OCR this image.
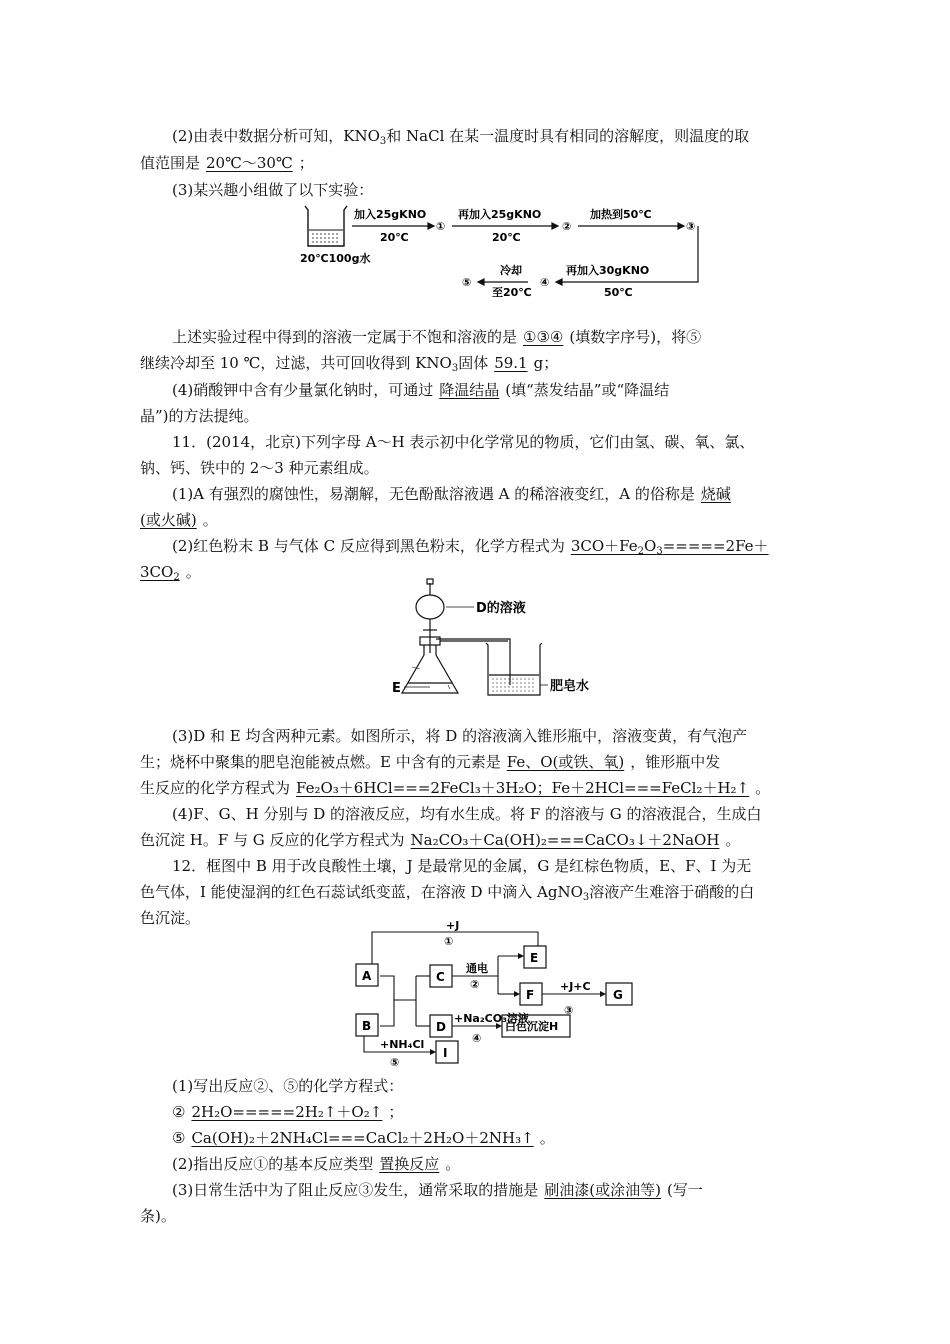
(2)由表中数据分析可知，$KNO_3$和 NaCl 在某一温度时具有相同的溶解度，则温度的取
值范围是 20℃～30℃ ；
(3)某兴趣小组做了以下实验：
20℃100g水
加入25gKNO
20℃
①
再加入25gKNO
20℃
②
加热到50℃
③
再加入30gKNO
50℃
④
冷却
至20℃
⑤
上述实验过程中得到的溶液一定属于不饱和溶液的是 ①③④ (填数字序号)，将⑤
继续冷却至 10 ℃，过滤，共可回收得到 $KNO_3$固体 59.1 g；
(4)硝酸钾中含有少量氯化钠时，可通过 降温结晶 (填“蒸发结晶”或“降温结
晶”)的方法提纯。
11．(2014，北京)下列字母 A～H 表示初中化学常见的物质，它们由氢、碳、氧、氯、
钠、钙、铁中的 2～3 种元素组成。
(1)A 有强烈的腐蚀性，易潮解，无色酚酞溶液遇 A 的稀溶液变红，A 的俗称是 烧碱
(或火碱) 。
(2)红色粉末 B 与气体 C 反应得到黑色粉末，化学方程式为 $3CO+Fe_2O_3=====2Fe+$
$3CO_2$ 。
D的溶液
E	肥皂水
(3)D 和 E 均含两种元素。如图所示，将 D 的溶液滴入锥形瓶中，溶液变黄，有气泡产
生；烧杯中聚集的肥皂泡能被点燃。E 中含有的元素是 Fe、O(或铁、氧) ，锥形瓶中发
生反应的化学方程式为 Fe₂O₃＋6HCl===2FeCl₃＋3H₂O；Fe＋2HCl===FeCl₂＋H₂↑ 。
(4)F、G、H 分别与 D 的溶液反应，均有水生成。将 F 的溶液与 G 的溶液混合，生成白
色沉淀 H。F 与 G 反应的化学方程式为 Na₂CO₃＋Ca(OH)₂===CaCO₃↓＋2NaOH 。
12．框图中 B 用于改良酸性土壤，J 是最常见的金属，G 是红棕色物质，E、F、I 为无
色气体，I 能使湿润的红色石蕊试纸变蓝，在溶液 D 中滴入 AgNO$_3$溶液产生难溶于硝酸的白
色沉淀。
A
B
C
D
E
F	G
白色沉淀H
I
+J
①
通电
②	+J+C
③
+Na₂CO₃溶液
④
+NH₄Cl
⑤
(1)写出反应②、⑤的化学方程式：
② 2H₂O=====2H₂↑＋O₂↑ ；
⑤ Ca(OH)₂＋2NH₄Cl===CaCl₂＋2H₂O＋2NH₃↑ 。
(2)指出反应①的基本反应类型 置换反应 。
(3)日常生活中为了阻止反应③发生，通常采取的措施是 刷油漆(或涂油等) (写一
条)。
